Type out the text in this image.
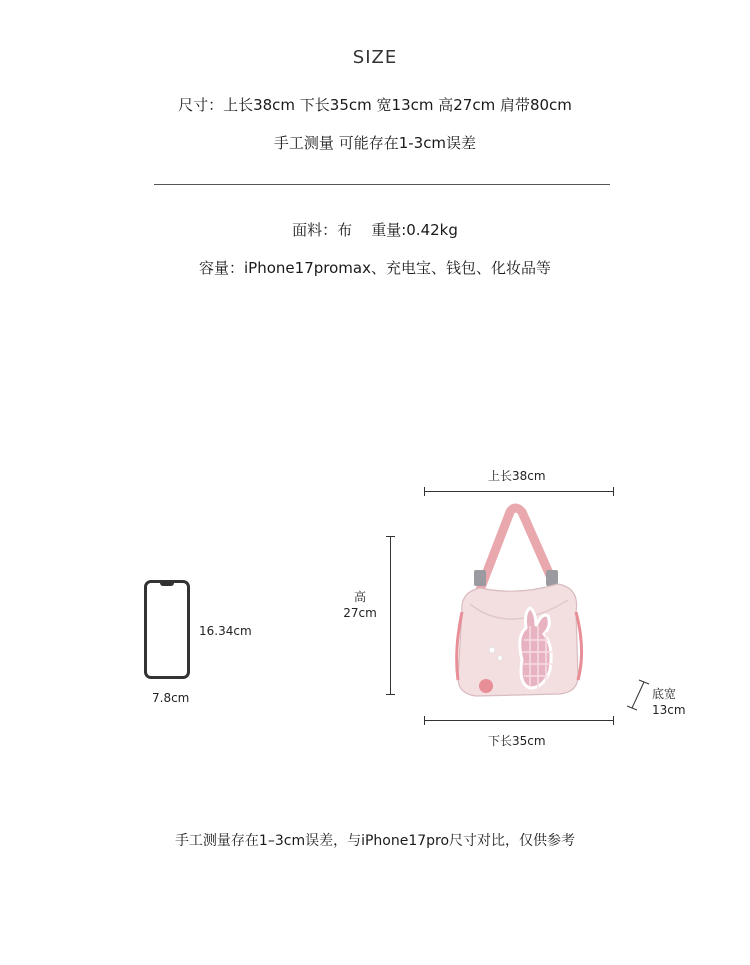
SIZE
尺寸：上长38cm 下长35cm 宽13cm 高27cm 肩带80cm
手工测量 可能存在1-3cm误差
面料：布    重量:0.42kg
容量：iPhone17promax、充电宝、钱包、化妆品等
16.34cm
7.8cm
上长38cm
高
27cm
下长35cm
底宽
13cm
手工测量存在1–3cm误差，与iPhone17pro尺寸对比，仅供参考
